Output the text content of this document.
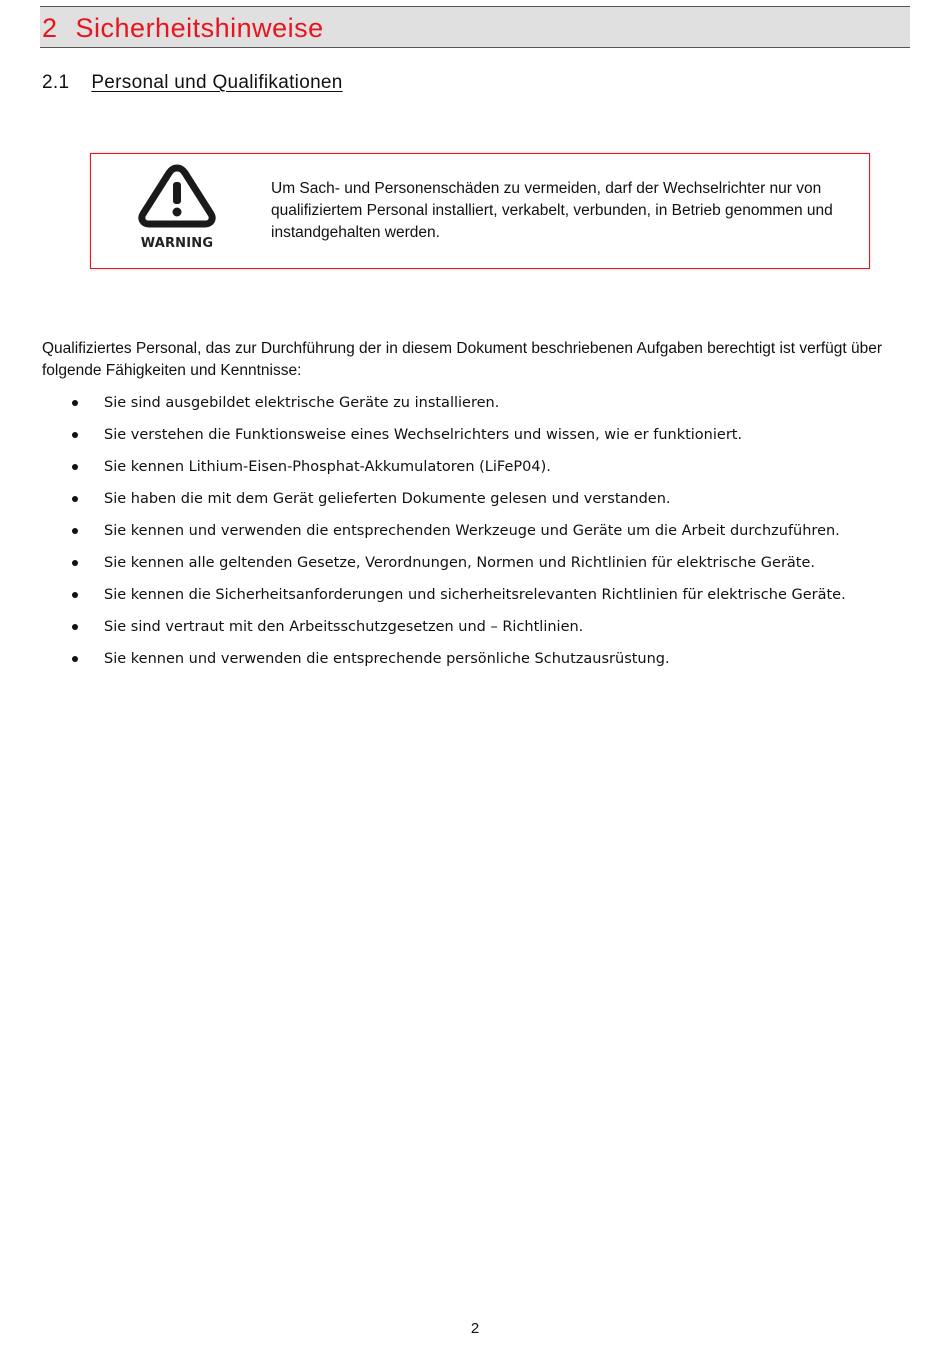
2 Sicherheitshinweise
2.1 Personal und Qualifikationen
WARNING

Um Sach- und Personenschäden zu vermeiden, darf der Wechselrichter nur von qualifiziertem Personal installiert, verkabelt, verbunden, in Betrieb genommen und instandgehalten werden.

Qualifiziertes Personal, das zur Durchführung der in diesem Dokument beschriebenen Aufgaben berechtigt ist verfügt über folgende Fähigkeiten und Kenntnisse:

Sie sind ausgebildet elektrische Geräte zu installieren.
Sie verstehen die Funktionsweise eines Wechselrichters und wissen, wie er funktioniert.
Sie kennen Lithium-Eisen-Phosphat-Akkumulatoren (LiFeP04).
Sie haben die mit dem Gerät gelieferten Dokumente gelesen und verstanden.
Sie kennen und verwenden die entsprechenden Werkzeuge und Geräte um die Arbeit durchzuführen.
Sie kennen alle geltenden Gesetze, Verordnungen, Normen und Richtlinien für elektrische Geräte.
Sie kennen die Sicherheitsanforderungen und sicherheitsrelevanten Richtlinien für elektrische Geräte.
Sie sind vertraut mit den Arbeitsschutzgesetzen und – Richtlinien.
Sie kennen und verwenden die entsprechende persönliche Schutzausrüstung.
2
